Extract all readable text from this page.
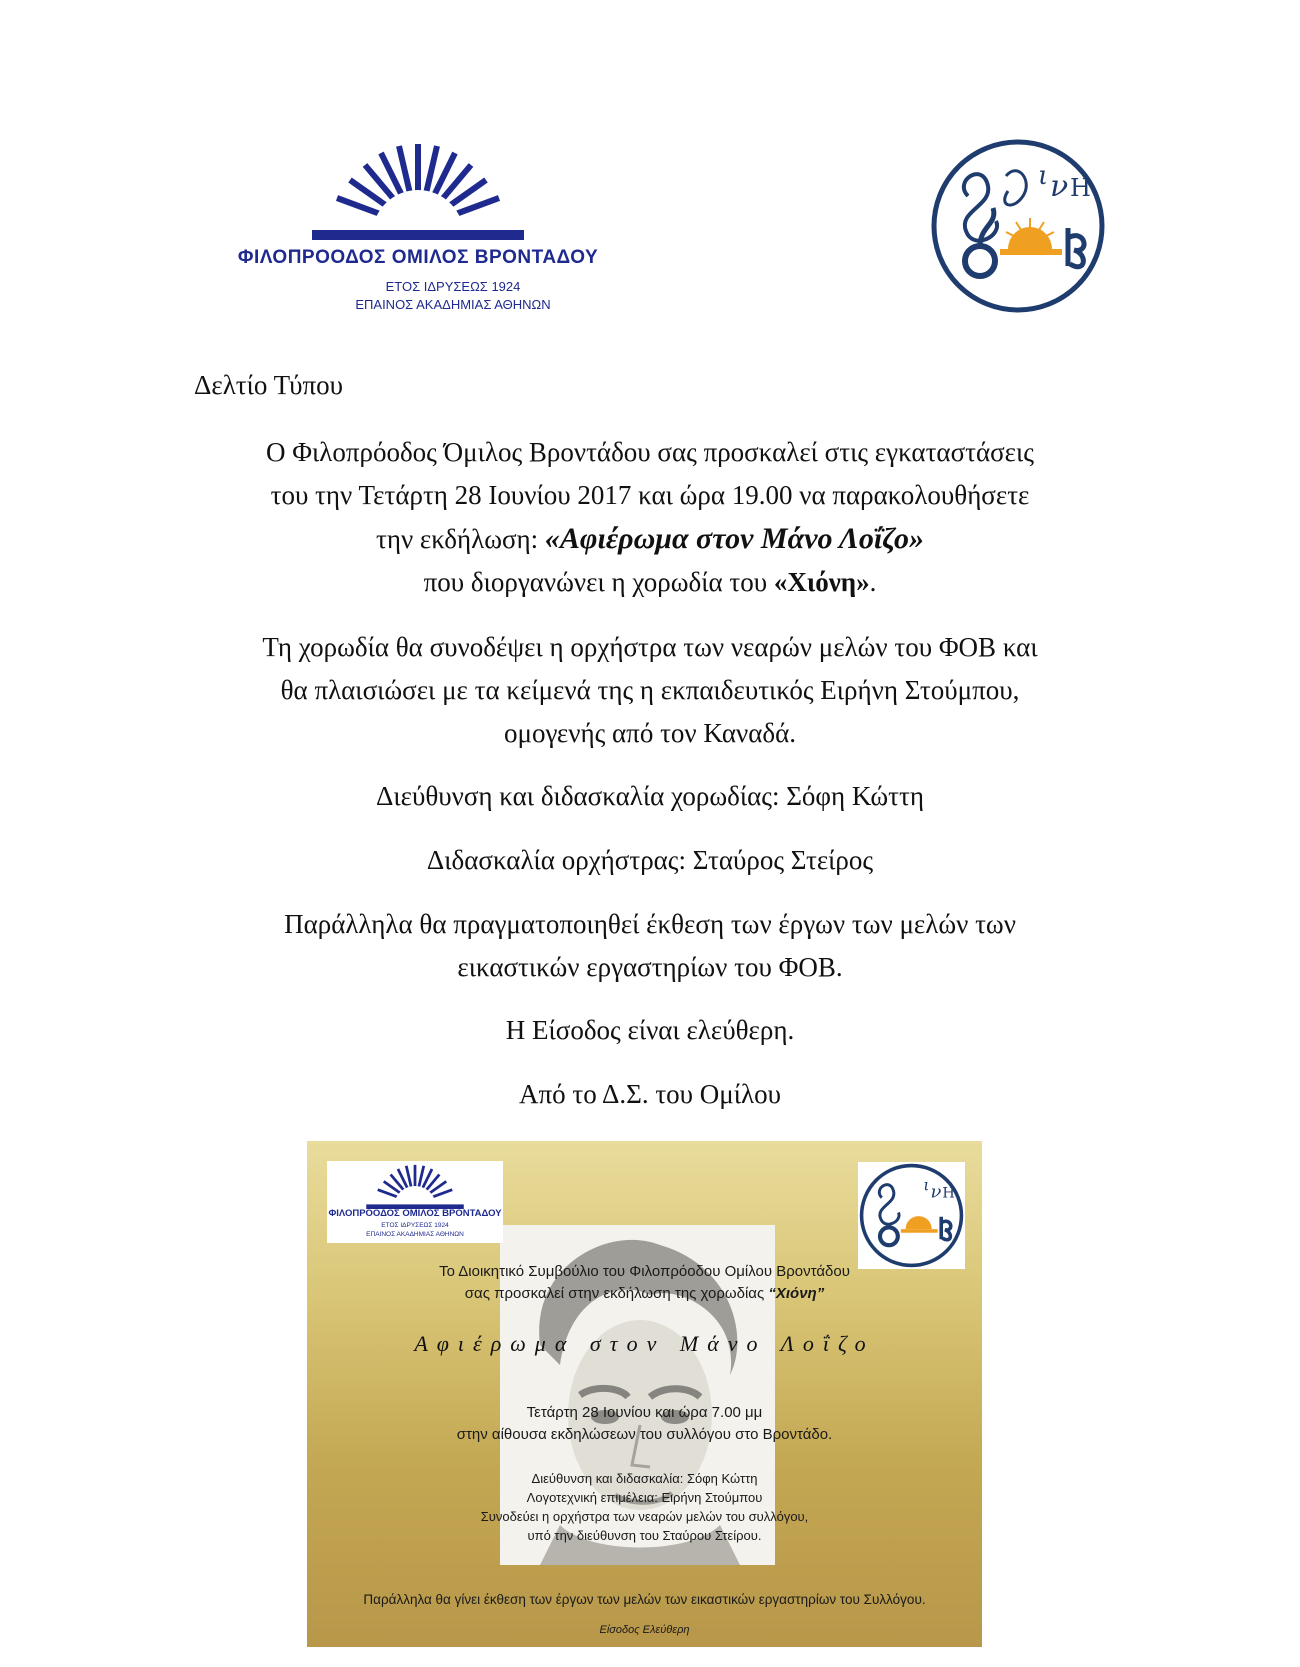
ΦΙΛΟΠΡΟΟΔΟΣ ΟΜΙΛΟΣ ΒΡΟΝΤΑΔΟΥ
ΕΤΟΣ ΙΔΡΥΣΕΩΣ 1924
ΕΠΑΙΝΟΣ ΑΚΑΔΗΜΙΑΣ ΑΘΗΝΩΝ
ι ν Η
Δελτίο Τύπου

Ο Φιλοπρόοδος Όμιλος Βροντάδου σας προσκαλεί στις εγκαταστάσεις
του την Τετάρτη 28 Ιουνίου 2017 και ώρα 19.00 να παρακολουθήσετε
την εκδήλωση: «Αφιέρωμα στον Μάνο Λοΐζο»
που διοργανώνει η χορωδία του «Χιόνη».

Τη χορωδία θα συνοδέψει η ορχήστρα των νεαρών μελών του ΦΟΒ και
θα πλαισιώσει με τα κείμενά της η εκπαιδευτικός Ειρήνη Στούμπου,
ομογενής από τον Καναδά.

Διεύθυνση και διδασκαλία χορωδίας: Σόφη Κώττη

Διδασκαλία ορχήστρας: Σταύρος Στείρος

Παράλληλα θα πραγματοποιηθεί έκθεση των έργων των μελών των
εικαστικών εργαστηρίων του ΦΟΒ.

Η Είσοδος είναι ελεύθερη.

Από το Δ.Σ. του Ομίλου

ΦΙΛΟΠΡΟΟΔΟΣ ΟΜΙΛΟΣ ΒΡΟΝΤΑΔΟΥ
ΕΤΟΣ ΙΔΡΥΣΕΩΣ 1924
ΕΠΑΙΝΟΣ ΑΚΑΔΗΜΙΑΣ ΑΘΗΝΩΝ
ι ν Η

Το Διοικητικό Συμβούλιο του Φιλοπρόοδου Ομίλου Βροντάδου

σας προσκαλεί στην εκδήλωση της χορωδίας “Χιόνη”

Αφιέρωμα στον Μάνο Λοΐζο

Τετάρτη 28 Ιουνίου και ώρα 7.00 μμ

στην αίθουσα εκδηλώσεων του συλλόγου στο Βροντάδο.

Διεύθυνση και διδασκαλία: Σόφη Κώττη

Λογοτεχνική επιμέλεια: Ειρήνη Στούμπου

Συνοδεύει η ορχήστρα των νεαρών μελών του συλλόγου,

υπό την διεύθυνση του Σταύρου Στείρου.

Παράλληλα θα γίνει έκθεση των έργων των μελών των εικαστικών εργαστηρίων του Συλλόγου.

Είσοδος Ελεύθερη
